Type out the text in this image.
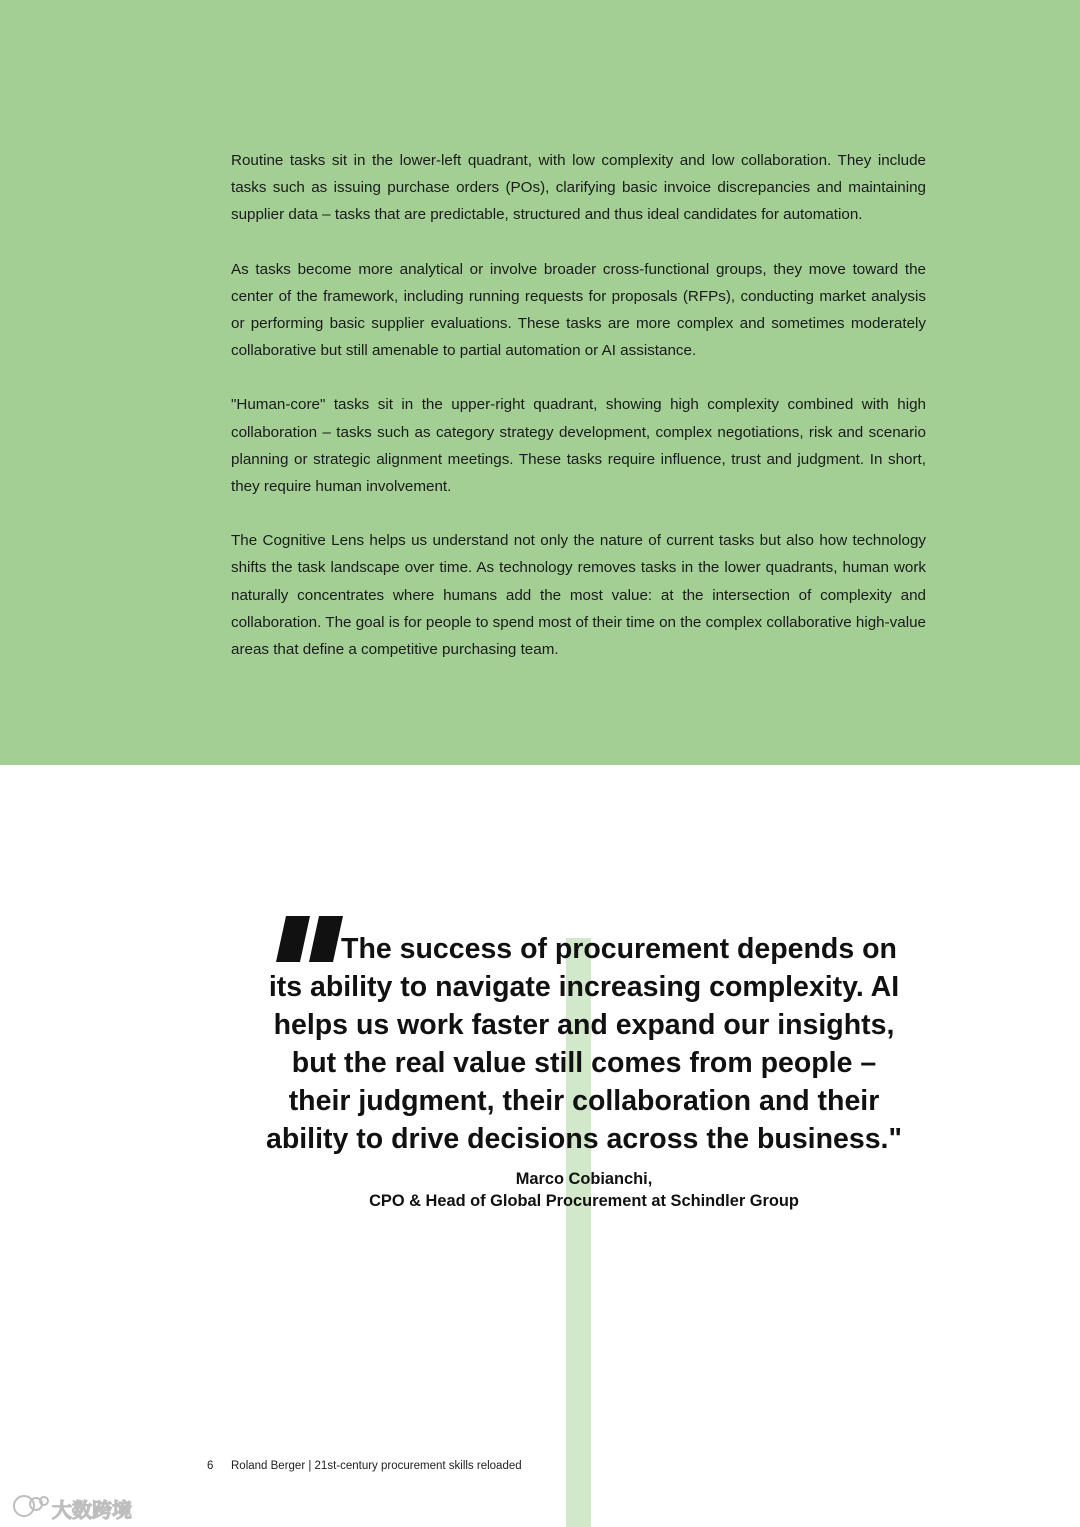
Routine tasks sit in the lower-left quadrant, with low complexity and low collaboration. They include tasks such as issuing purchase orders (POs), clarifying basic invoice discrepancies and maintaining supplier data – tasks that are predictable, structured and thus ideal candidates for automation.

As tasks become more analytical or involve broader cross-functional groups, they move toward the center of the framework, including running requests for proposals (RFPs), conducting market analysis or performing basic supplier evaluations. These tasks are more complex and sometimes moderately collaborative but still amenable to partial automation or AI assistance.

"Human-core" tasks sit in the upper-right quadrant, showing high complexity combined with high collaboration – tasks such as category strategy development, complex negotiations, risk and scenario planning or strategic alignment meetings. These tasks require influence, trust and judgment. In short, they require human involvement.

The Cognitive Lens helps us understand not only the nature of current tasks but also how technology shifts the task landscape over time. As technology removes tasks in the lower quadrants, human work naturally concentrates where humans add the most value: at the intersection of complexity and collaboration. The goal is for people to spend most of their time on the complex collaborative high-value areas that define a competitive purchasing team.

The success of procurement depends on its ability to navigate increasing complexity. AI helps us work faster and expand our insights, but the real value still comes from people – their judgment, their collaboration and their ability to drive decisions across the business."

Marco Cobianchi,
CPO & Head of Global Procurement at Schindler Group
6 Roland Berger | 21st-century procurement skills reloaded
大数跨境
